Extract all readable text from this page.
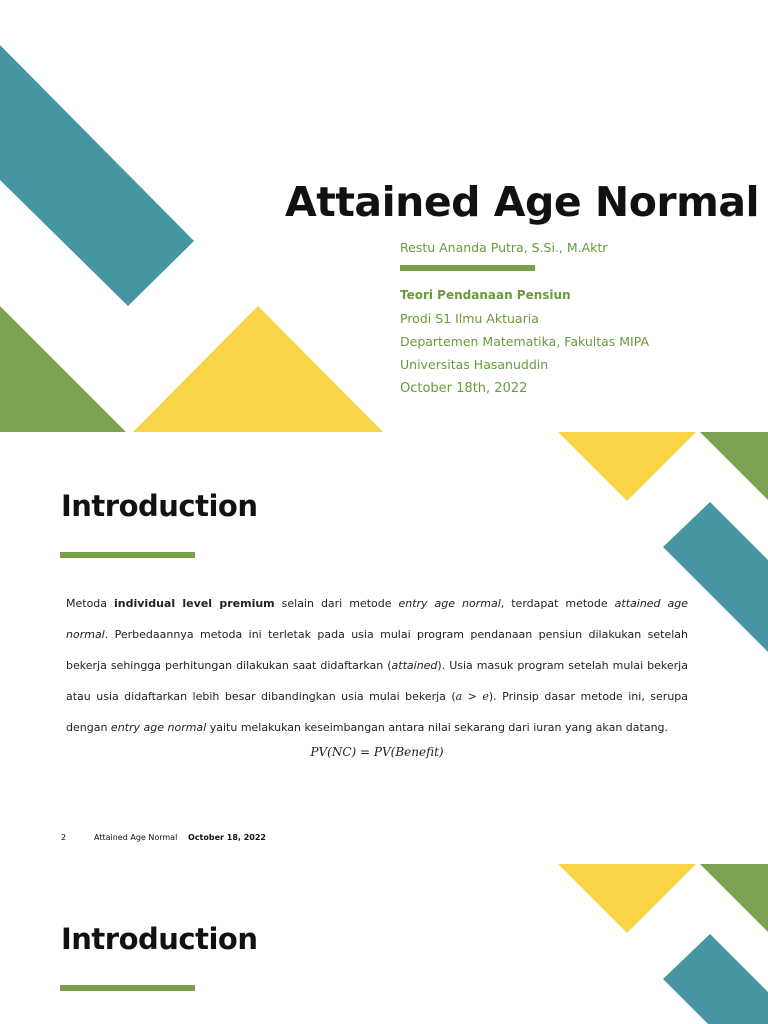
Attained Age Normal
Restu Ananda Putra, S.Si., M.Aktr
Teori Pendanaan Pensiun
Prodi S1 Ilmu Aktuaria
Departemen Matematika, Fakultas MIPA
Universitas Hasanuddin
October 18th, 2022
Introduction

Metoda individual level premium selain dari metode entry age normal, terdapat metode attained age normal. Perbedaannya metoda ini terletak pada usia mulai program pendanaan pensiun dilakukan setelah bekerja sehingga perhitungan dilakukan saat didaftarkan (attained). Usia masuk program setelah mulai bekerja atau usia didaftarkan lebih besar dibandingkan usia mulai bekerja (a > e). Prinsip dasar metode ini, serupa dengan entry age normal yaitu melakukan keseimbangan antara nilai sekarang dari iuran yang akan datang.

PV(NC) = PV(Benefit)
2	Attained Age Normal October 18, 2022
Introduction
